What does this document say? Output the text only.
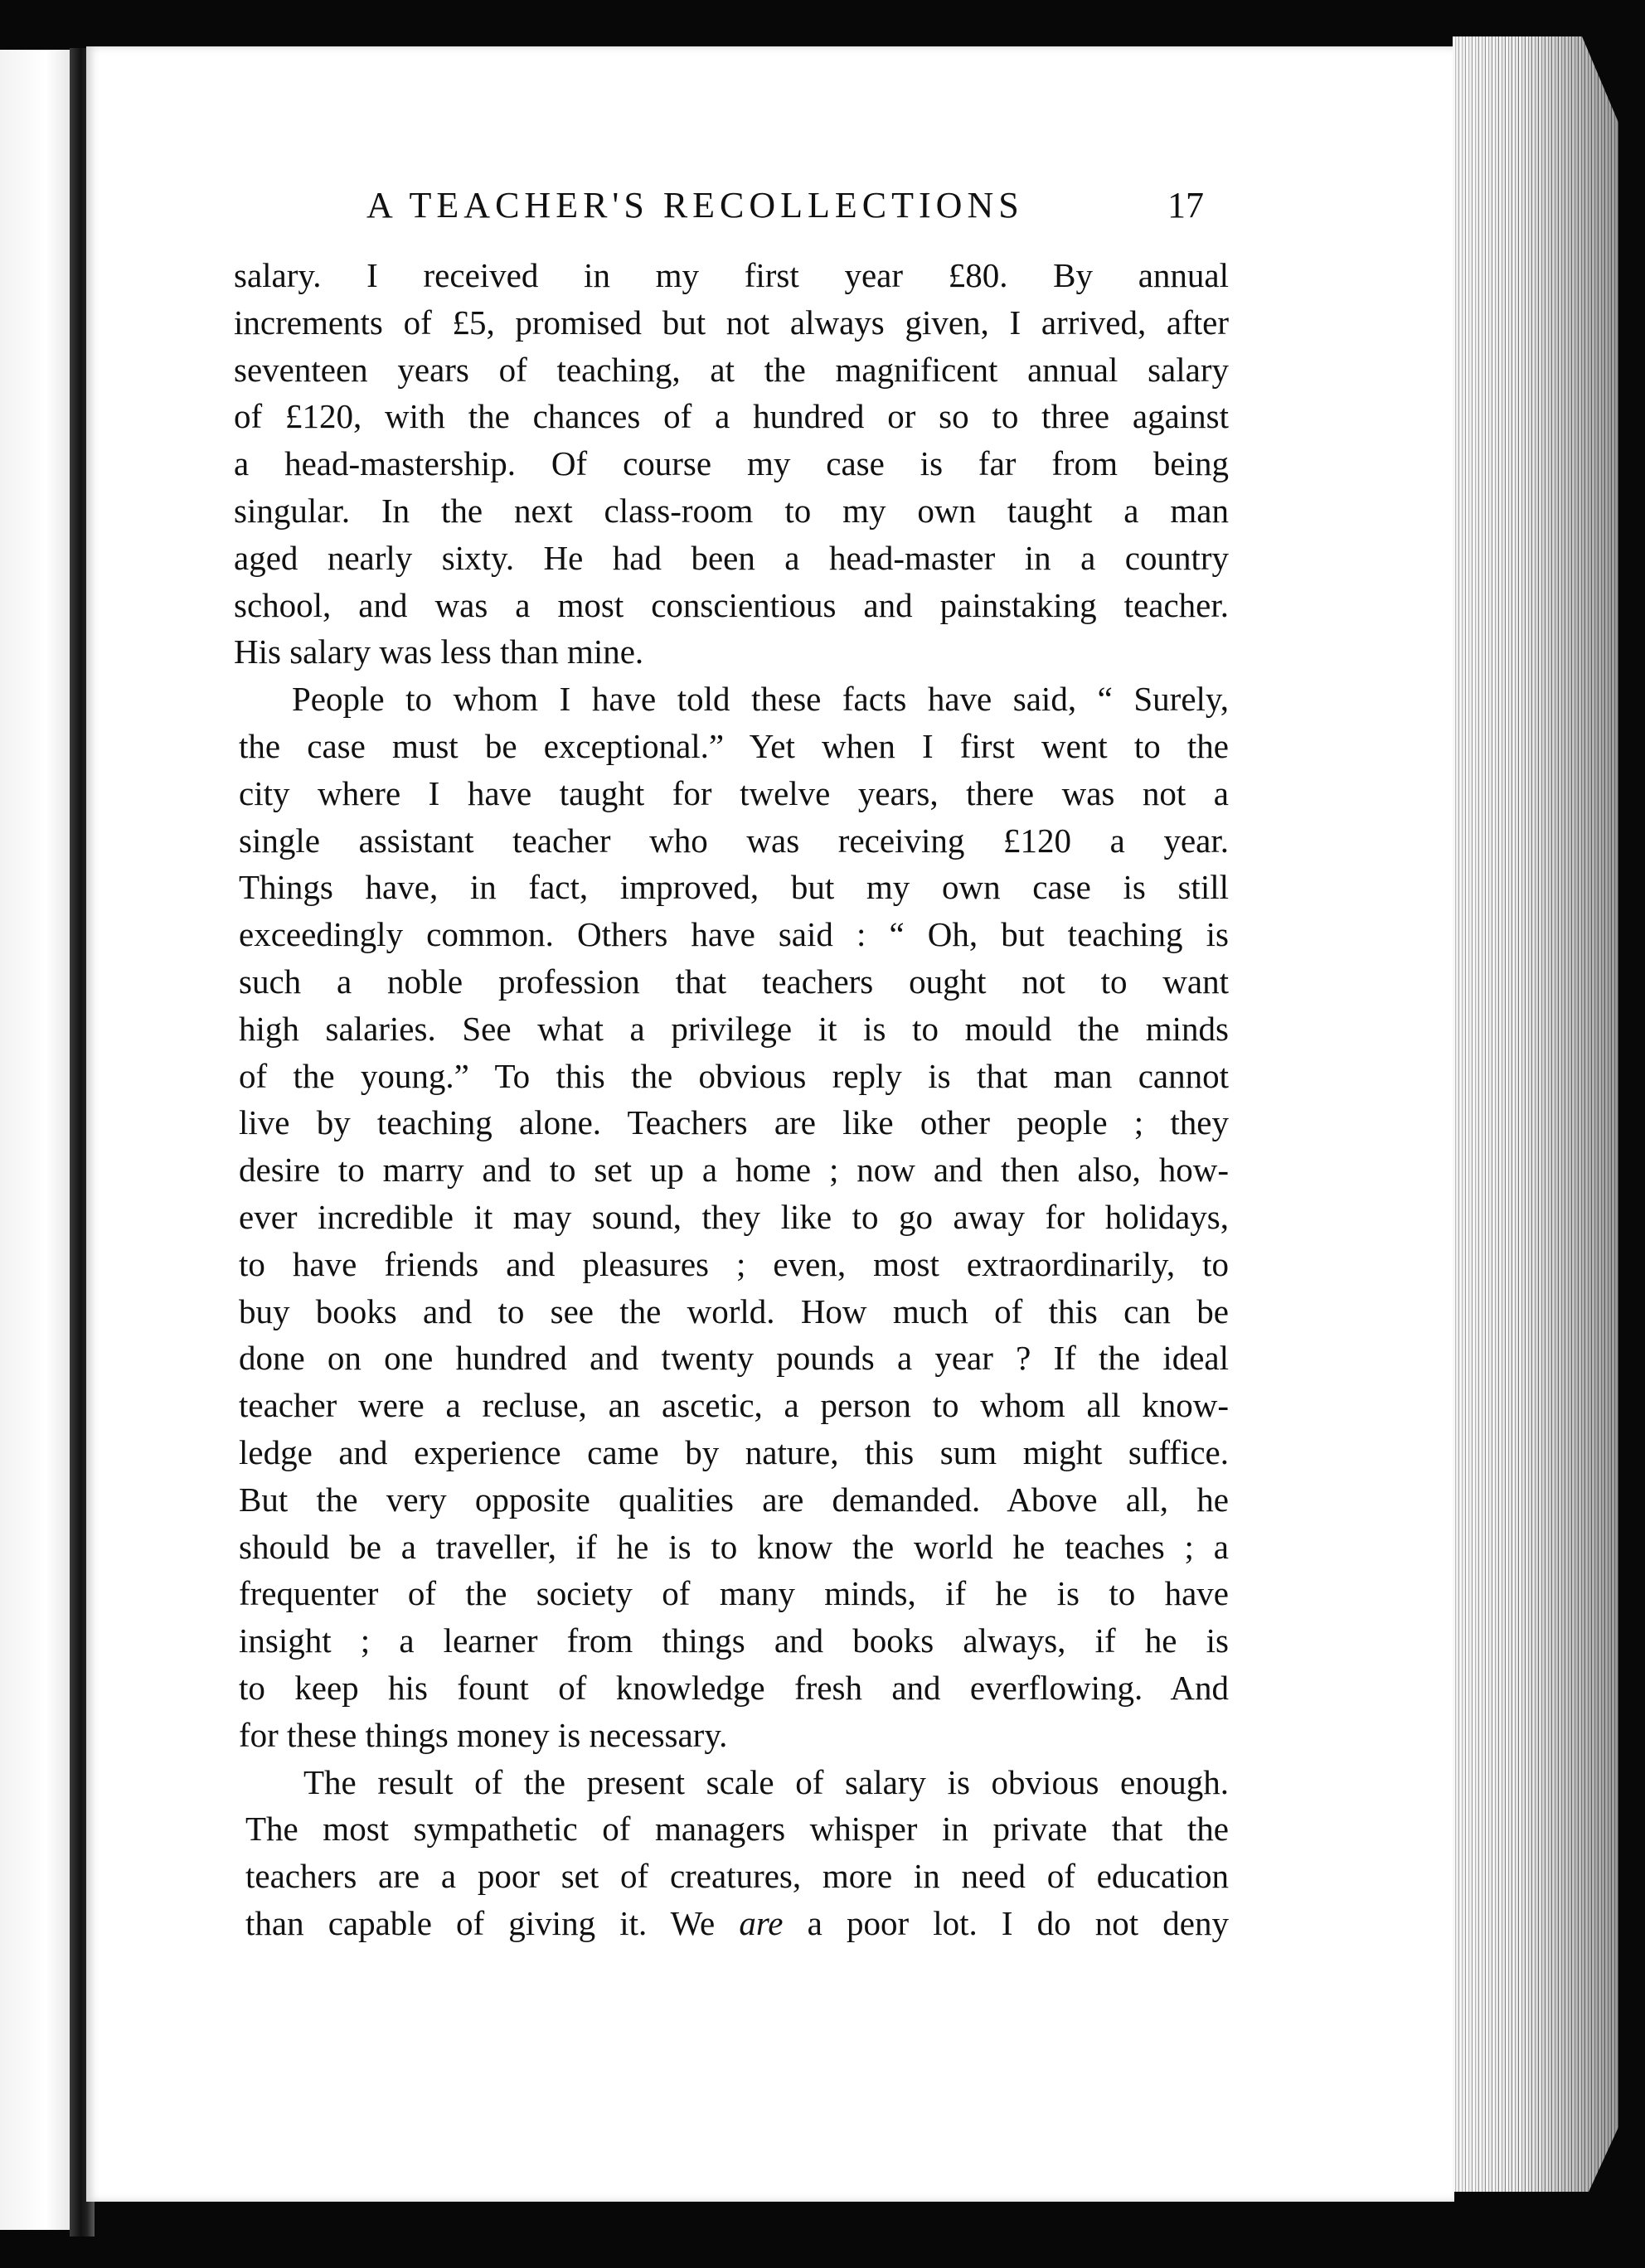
A TEACHER'S RECOLLECTIONS	17
salary. I received in my first year £80. By annual
increments of £5, promised but not always given, I arrived, after
seventeen years of teaching, at the magnificent annual salary
of £120, with the chances of a hundred or so to three against
a head-mastership. Of course my case is far from being
singular. In the next class-room to my own taught a man
aged nearly sixty. He had been a head-master in a country
school, and was a most conscientious and painstaking teacher.
His salary was less than mine.
People to whom I have told these facts have said, “ Surely,
the case must be exceptional.” Yet when I first went to the
city where I have taught for twelve years, there was not a
single assistant teacher who was receiving £120 a year.
Things have, in fact, improved, but my own case is still
exceedingly common. Others have said : “ Oh, but teaching is
such a noble profession that teachers ought not to want
high salaries. See what a privilege it is to mould the minds
of the young.” To this the obvious reply is that man cannot
live by teaching alone. Teachers are like other people ; they
desire to marry and to set up a home ; now and then also, how-
ever incredible it may sound, they like to go away for holidays,
to have friends and pleasures ; even, most extraordinarily, to
buy books and to see the world. How much of this can be
done on one hundred and twenty pounds a year ? If the ideal
teacher were a recluse, an ascetic, a person to whom all know-
ledge and experience came by nature, this sum might suffice.
But the very opposite qualities are demanded. Above all, he
should be a traveller, if he is to know the world he teaches ; a
frequenter of the society of many minds, if he is to have
insight ; a learner from things and books always, if he is
to keep his fount of knowledge fresh and everflowing. And
for these things money is necessary.
The result of the present scale of salary is obvious enough.
The most sympathetic of managers whisper in private that the
teachers are a poor set of creatures, more in need of education
than capable of giving it. We are a poor lot. I do not deny
